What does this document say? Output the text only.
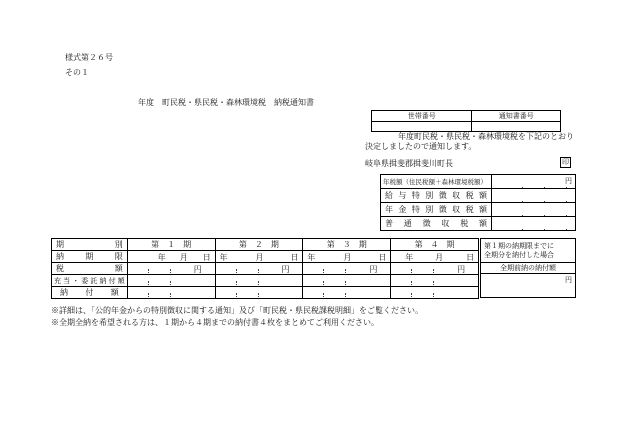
様式第２６号
その１
年度　町民税・県民税・森林環境税　納税通知書
世帯番号	通知書番号

年度町民税・県民税・森林環境税を下記のとおり
決定しましたので通知します。
岐阜県揖斐郡揖斐川町長	印
年税額（住民税額＋森林環境税額）	円

給与特別徴収税額	

年金特別徴収税額	

普通徴収税額	
期別	第　１　期	第　２　期	第　３　期	第　４　期
納期限	年 月 日	年 月 日	年 月 日	年 月 日

税額	円	円	円	円

充当・委託納付額	

納付額	

第１期の納期限までに
全期分を納付した場合

全期前納の納付額

円
※詳細は、「公的年金からの特別徴収に関する通知」及び「町民税・県民税課税明細」をご覧ください。
※全期全納を希望される方は、１期から４期までの納付書４枚をまとめてご利用ください。
